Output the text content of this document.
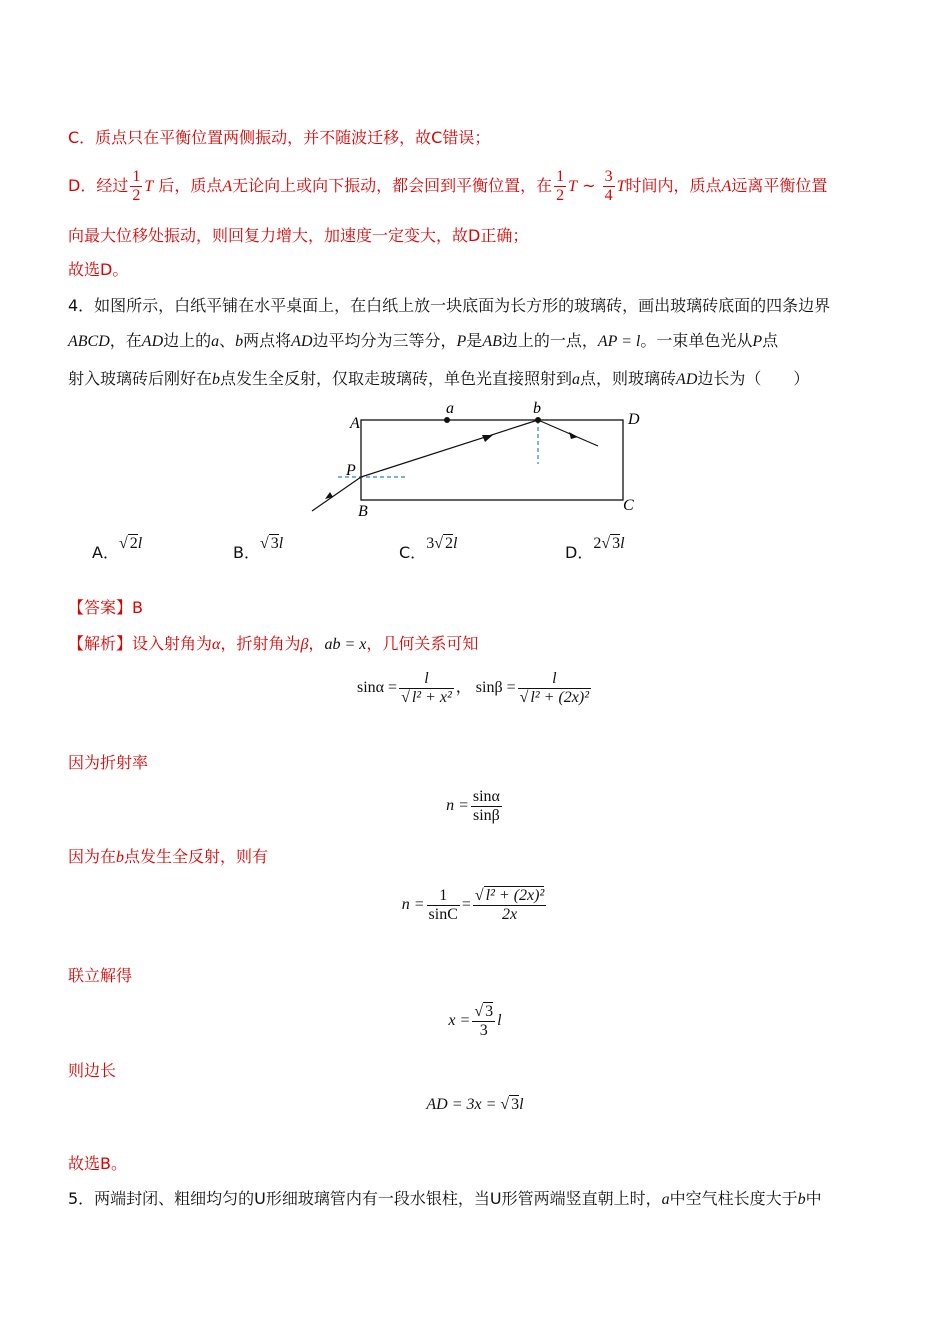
C．质点只在平衡位置两侧振动，并不随波迁移，故C错误；
D．经过 $\frac{1}{2}$ T 后，质点A无论向上或向下振动，都会回到平衡位置，在 $\frac{1}{2}$ T ~ $\frac{3}{4}$ T时间内，质点A远离平衡位置
向最大位移处振动，则回复力增大，加速度一定变大，故D正确；
故选D。
4．如图所示，白纸平铺在水平桌面上，在白纸上放一块底面为长方形的玻璃砖，画出玻璃砖底面的四条边界
ABCD，在AD边上的a、b两点将AD边平均分为三等分，P是AB边上的一点，AP = l。一束单色光从P点
射入玻璃砖后刚好在b点发生全反射，仅取走玻璃砖，单色光直接照射到a点，则玻璃砖AD边长为（　　）
A
B	C
D
a	b
P
A．√ 2l	B．√ 3l	C．3√ 2l	D．2√ 3l
【答案】B
【解析】设入射角为α，折射角为β，ab = x，几何关系可知
$\sin\alpha = \frac{l}{\text{√ l² + x²}}$ ， $\sin\beta = \frac{l}{\text{√ l² + (2x)²}}$
因为折射率
$n = \frac{\sin\alpha}{\sin\beta}$
因为在b点发生全反射，则有
$n = \frac{1}{\sin C} = \frac{\text{√ l² + (2x)²}}{2x}$
联立解得
$x = \frac{√ 3}{3}$ l
则边长
AD = 3x = √ 3l
故选B。
5．两端封闭、粗细均匀的U形细玻璃管内有一段水银柱，当U形管两端竖直朝上时，a中空气柱长度大于b中
